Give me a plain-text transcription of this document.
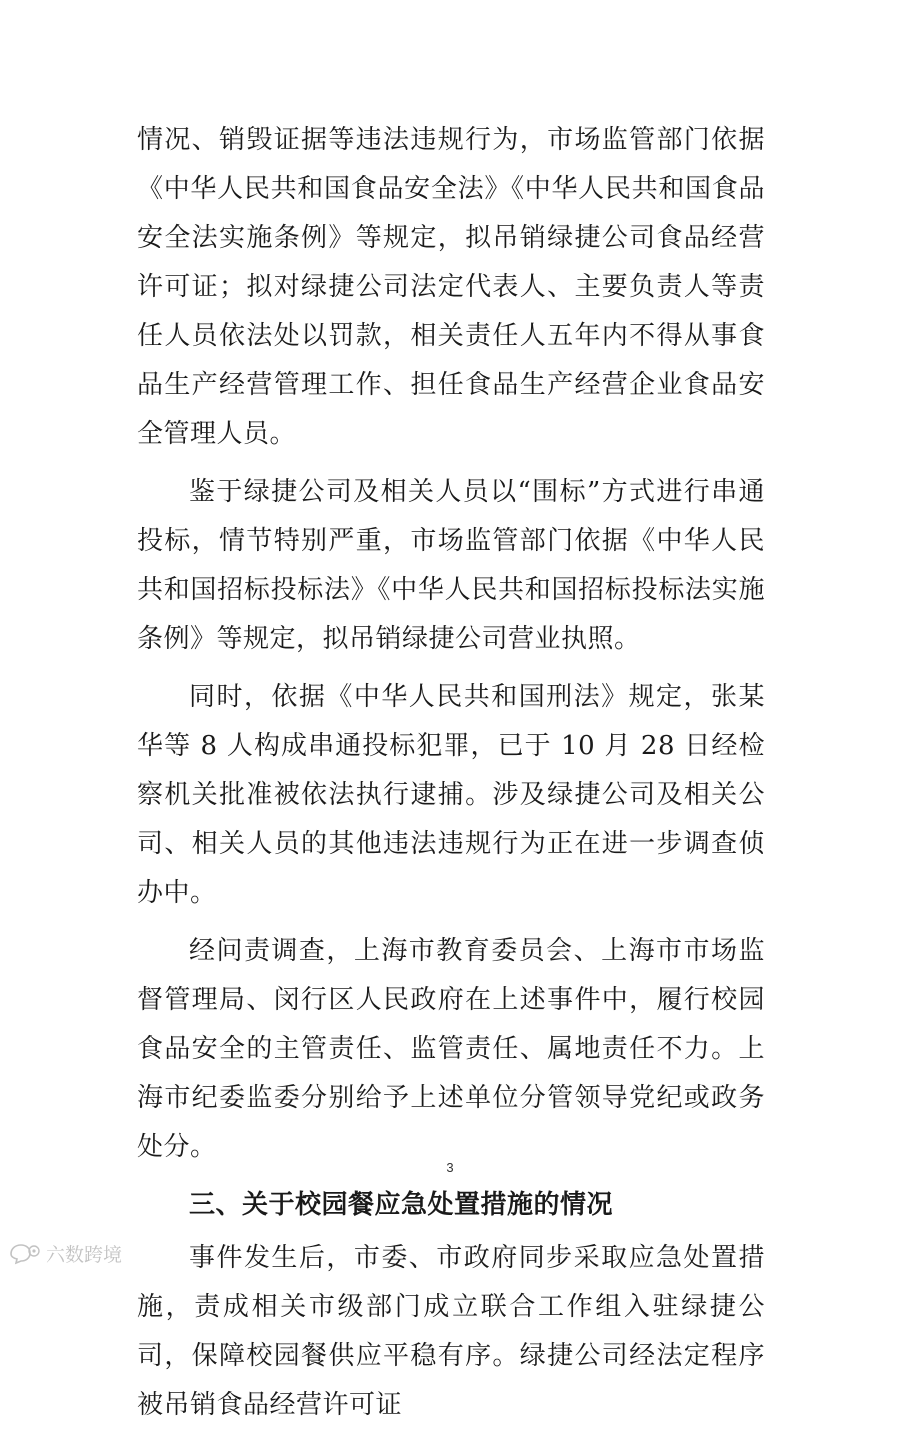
情况、销毁证据等违法违规行为，市场监管部门依据《中华人民共和国食品安全法》《中华人民共和国食品安全法实施条例》等规定，拟吊销绿捷公司食品经营许可证；拟对绿捷公司法定代表人、主要负责人等责任人员依法处以罚款，相关责任人五年内不得从事食品生产经营管理工作、担任食品生产经营企业食品安全管理人员。

鉴于绿捷公司及相关人员以“围标”方式进行串通投标，情节特别严重，市场监管部门依据《中华人民共和国招标投标法》《中华人民共和国招标投标法实施条例》等规定，拟吊销绿捷公司营业执照。

同时，依据《中华人民共和国刑法》规定，张某华等 8 人构成串通投标犯罪，已于 10 月 28 日经检察机关批准被依法执行逮捕。涉及绿捷公司及相关公司、相关人员的其他违法违规行为正在进一步调查侦办中。

经问责调查，上海市教育委员会、上海市市场监督管理局、闵行区人民政府在上述事件中，履行校园食品安全的主管责任、监管责任、属地责任不力。上海市纪委监委分别给予上述单位分管领导党纪或政务处分。

三、关于校园餐应急处置措施的情况

事件发生后，市委、市政府同步采取应急处置措施，责成相关市级部门成立联合工作组入驻绿捷公司，保障校园餐供应平稳有序。绿捷公司经法定程序被吊销食品经营许可证

3
六数跨境
